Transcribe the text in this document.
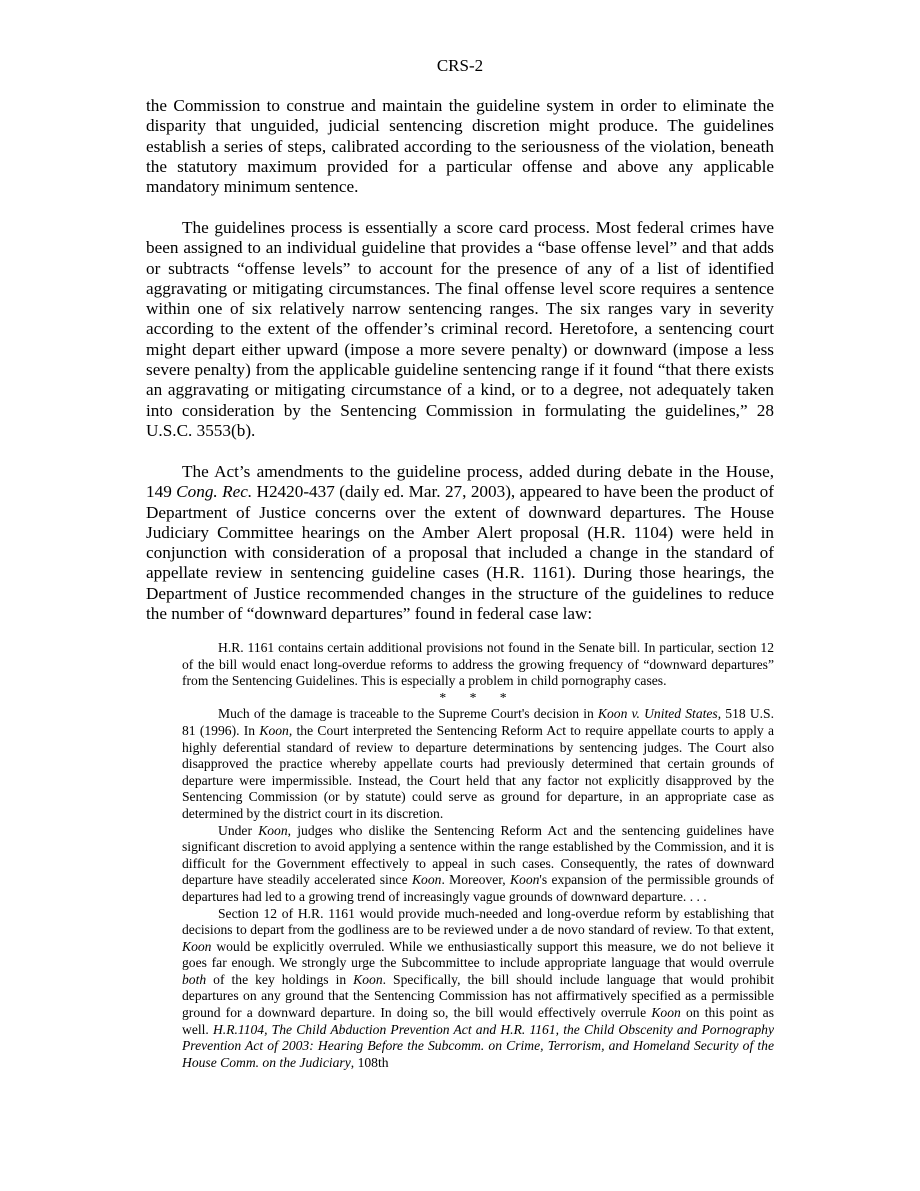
CRS-2

the Commission to construe and maintain the guideline system in order to eliminate the disparity that unguided, judicial sentencing discretion might produce. The guidelines establish a series of steps, calibrated according to the seriousness of the violation, beneath the statutory maximum provided for a particular offense and above any applicable mandatory minimum sentence.

The guidelines process is essentially a score card process. Most federal crimes have been assigned to an individual guideline that provides a “base offense level” and that adds or subtracts “offense levels” to account for the presence of any of a list of identified aggravating or mitigating circumstances. The final offense level score requires a sentence within one of six relatively narrow sentencing ranges. The six ranges vary in severity according to the extent of the offender’s criminal record. Heretofore, a sentencing court might depart either upward (impose a more severe penalty) or downward (impose a less severe penalty) from the applicable guideline sentencing range if it found “that there exists an aggravating or mitigating circumstance of a kind, or to a degree, not adequately taken into consideration by the Sentencing Commission in formulating the guidelines,” 28 U.S.C. 3553(b).

The Act’s amendments to the guideline process, added during debate in the House, 149 Cong. Rec. H2420-437 (daily ed. Mar. 27, 2003), appeared to have been the product of Department of Justice concerns over the extent of downward departures. The House Judiciary Committee hearings on the Amber Alert proposal (H.R. 1104) were held in conjunction with consideration of a proposal that included a change in the standard of appellate review in sentencing guideline cases (H.R. 1161). During those hearings, the Department of Justice recommended changes in the structure of the guidelines to reduce the number of “downward departures” found in federal case law:

H.R. 1161 contains certain additional provisions not found in the Senate bill. In particular, section 12 of the bill would enact long-overdue reforms to address the growing frequency of “downward departures” from the Sentencing Guidelines. This is especially a problem in child pornography cases.

* * *

Much of the damage is traceable to the Supreme Court's decision in Koon v. United States, 518 U.S. 81 (1996). In Koon, the Court interpreted the Sentencing Reform Act to require appellate courts to apply a highly deferential standard of review to departure determinations by sentencing judges. The Court also disapproved the practice whereby appellate courts had previously determined that certain grounds of departure were impermissible. Instead, the Court held that any factor not explicitly disapproved by the Sentencing Commission (or by statute) could serve as ground for departure, in an appropriate case as determined by the district court in its discretion.

Under Koon, judges who dislike the Sentencing Reform Act and the sentencing guidelines have significant discretion to avoid applying a sentence within the range established by the Commission, and it is difficult for the Government effectively to appeal in such cases. Consequently, the rates of downward departure have steadily accelerated since Koon. Moreover, Koon's expansion of the permissible grounds of departures had led to a growing trend of increasingly vague grounds of downward departure. . . .

Section 12 of H.R. 1161 would provide much-needed and long-overdue reform by establishing that decisions to depart from the godliness are to be reviewed under a de novo standard of review. To that extent, Koon would be explicitly overruled. While we enthusiastically support this measure, we do not believe it goes far enough. We strongly urge the Subcommittee to include appropriate language that would overrule both of the key holdings in Koon. Specifically, the bill should include language that would prohibit departures on any ground that the Sentencing Commission has not affirmatively specified as a permissible ground for a downward departure. In doing so, the bill would effectively overrule Koon on this point as well. H.R.1104, The Child Abduction Prevention Act and H.R. 1161, the Child Obscenity and Pornography Prevention Act of 2003: Hearing Before the Subcomm. on Crime, Terrorism, and Homeland Security of the House Comm. on the Judiciary, 108th
